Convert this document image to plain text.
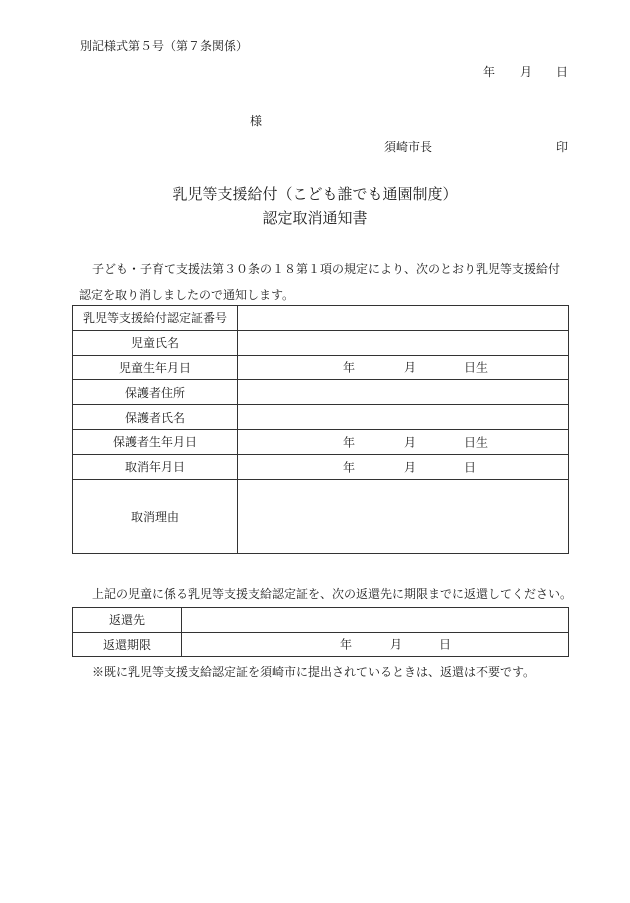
別記様式第５号（第７条関係）
年 月 日
様
須崎市長	印
乳児等支援給付（こども誰でも通園制度）
認定取消通知書
子ども・子育て支援法第３０条の１８第１項の規定により、次のとおり乳児等支援給付
認定を取り消しましたので通知します。
乳児等支援給付認定証番号	
児童氏名	
児童生年月日	年 月 日生

保護者住所	
保護者氏名	
保護者生年月日	年 月 日生

取消年月日	年 月 日

取消理由	
上記の児童に係る乳児等支援支給認定証を、次の返還先に期限までに返還してください。
返還先	
返還期限	年 月 日
※既に乳児等支援支給認定証を須崎市に提出されているときは、返還は不要です。
